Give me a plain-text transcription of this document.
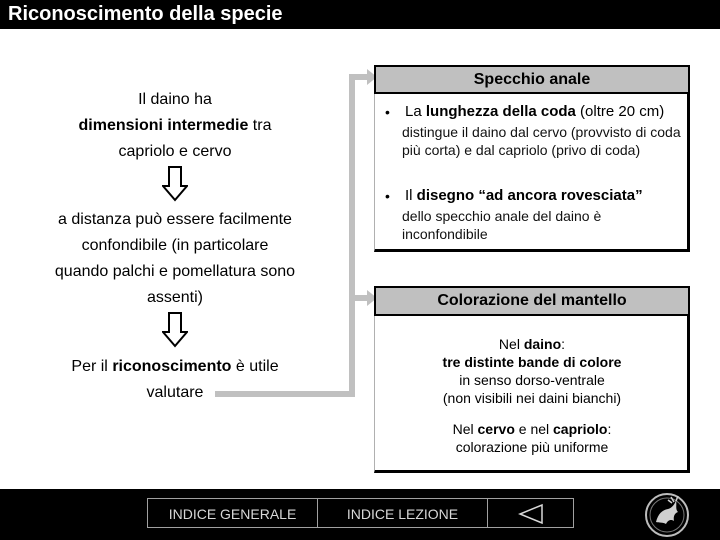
Riconoscimento della specie
Il daino ha
dimensioni intermedie tra
capriolo e cervo
a distanza può essere facilmente
confondibile (in particolare
quando palchi e pomellatura sono
assenti)
Per il riconoscimento è utile
valutare
Specchio anale
• La lunghezza della coda (oltre 20 cm)
distingue il daino dal cervo (provvisto di coda più corta) e dal capriolo (privo di coda)
• Il disegno “ad ancora rovesciata”
dello specchio anale del daino è inconfondibile
Colorazione del mantello
Nel daino:
tre distinte bande di colore
in senso dorso-ventrale
(non visibili nei daini bianchi)
Nel cervo e nel capriolo:
colorazione più uniforme
INDICE GENERALE	INDICE LEZIONE
